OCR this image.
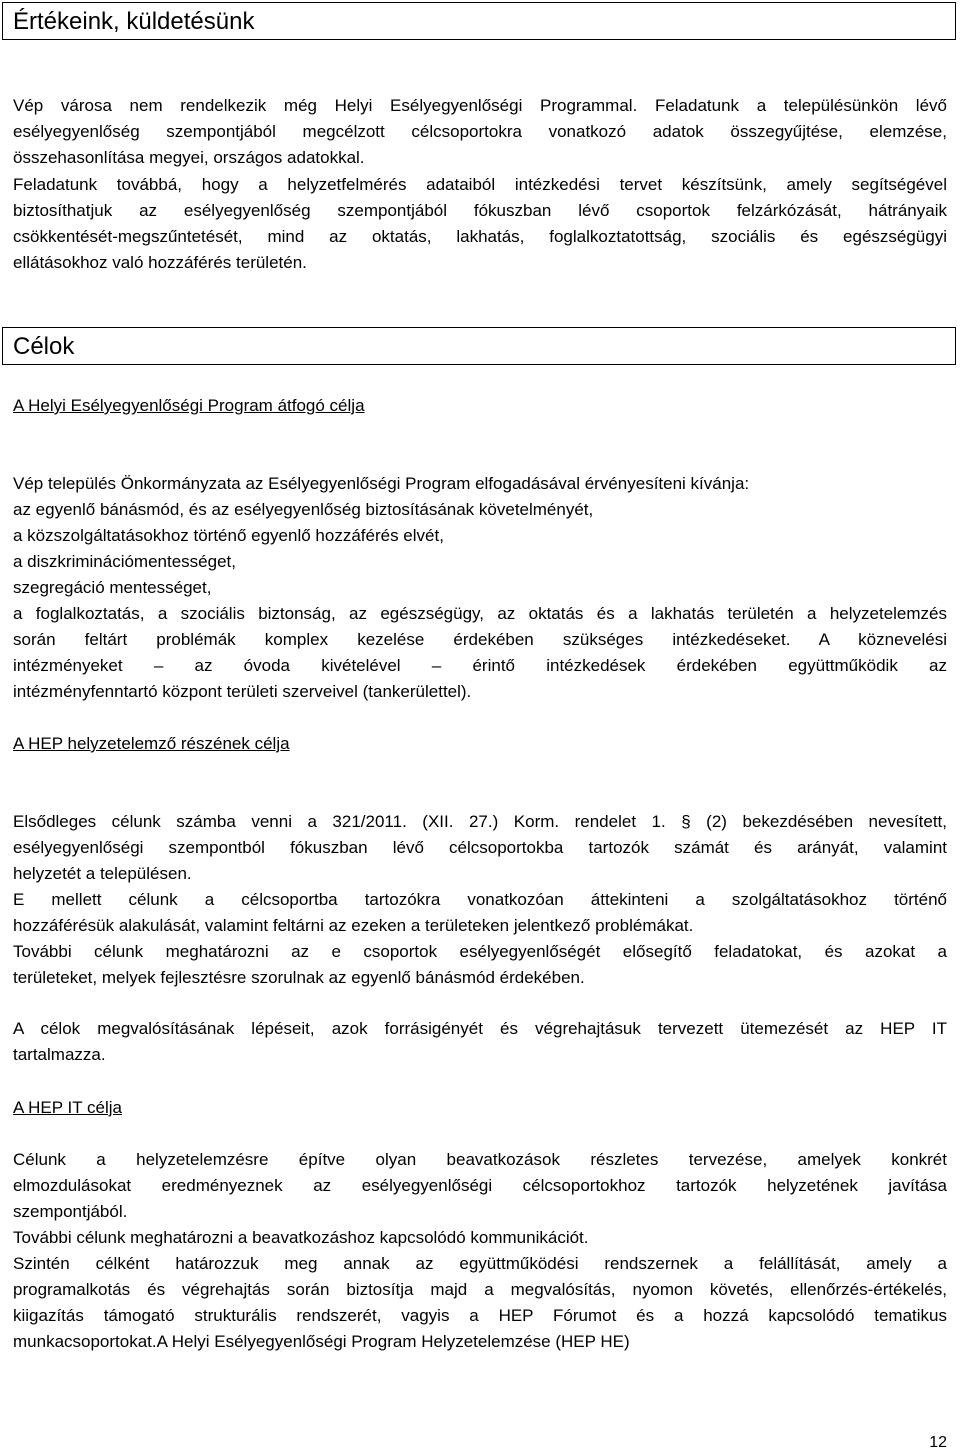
Értékeink, küldetésünk
Vép városa nem rendelkezik még Helyi Esélyegyenlőségi Programmal. Feladatunk a településünkön lévő
esélyegyenlőség szempontjából megcélzott célcsoportokra vonatkozó adatok összegyűjtése, elemzése,
összehasonlítása megyei, országos adatokkal.
Feladatunk továbbá, hogy a helyzetfelmérés adataiból intézkedési tervet készítsünk, amely segítségével
biztosíthatjuk az esélyegyenlőség szempontjából fókuszban lévő csoportok felzárkózását, hátrányaik
csökkentését-megszűntetését, mind az oktatás, lakhatás, foglalkoztatottság, szociális és egészségügyi
ellátásokhoz való hozzáférés területén.
Célok
A Helyi Esélyegyenlőségi Program átfogó célja
Vép település Önkormányzata az Esélyegyenlőségi Program elfogadásával érvényesíteni kívánja:
az egyenlő bánásmód, és az esélyegyenlőség biztosításának követelményét,
a közszolgáltatásokhoz történő egyenlő hozzáférés elvét,
a diszkriminációmentességet,
szegregáció mentességet,
a foglalkoztatás, a szociális biztonság, az egészségügy, az oktatás és a lakhatás területén a helyzetelemzés
során feltárt problémák komplex kezelése érdekében szükséges intézkedéseket. A köznevelési
intézményeket – az óvoda kivételével – érintő intézkedések érdekében együttműködik az
intézményfenntartó központ területi szerveivel (tankerülettel).
A HEP helyzetelemző részének célja
Elsődleges célunk számba venni a 321/2011. (XII. 27.) Korm. rendelet 1. § (2) bekezdésében nevesített,
esélyegyenlőségi szempontból fókuszban lévő célcsoportokba tartozók számát és arányát, valamint
helyzetét a településen.
E mellett célunk a célcsoportba tartozókra vonatkozóan áttekinteni a szolgáltatásokhoz történő
hozzáférésük alakulását, valamint feltárni az ezeken a területeken jelentkező problémákat.
További célunk meghatározni az e csoportok esélyegyenlőségét elősegítő feladatokat, és azokat a
területeket, melyek fejlesztésre szorulnak az egyenlő bánásmód érdekében.
A célok megvalósításának lépéseit, azok forrásigényét és végrehajtásuk tervezett ütemezését az HEP IT
tartalmazza.
A HEP IT célja
Célunk a helyzetelemzésre építve olyan beavatkozások részletes tervezése, amelyek konkrét
elmozdulásokat eredményeznek az esélyegyenlőségi célcsoportokhoz tartozók helyzetének javítása
szempontjából.
További célunk meghatározni a beavatkozáshoz kapcsolódó kommunikációt.
Szintén célként határozzuk meg annak az együttműködési rendszernek a felállítását, amely a
programalkotás és végrehajtás során biztosítja majd a megvalósítás, nyomon követés, ellenőrzés-értékelés,
kiigazítás támogató strukturális rendszerét, vagyis a HEP Fórumot és a hozzá kapcsolódó tematikus
munkacsoportokat.A Helyi Esélyegyenlőségi Program Helyzetelemzése (HEP HE)
12
